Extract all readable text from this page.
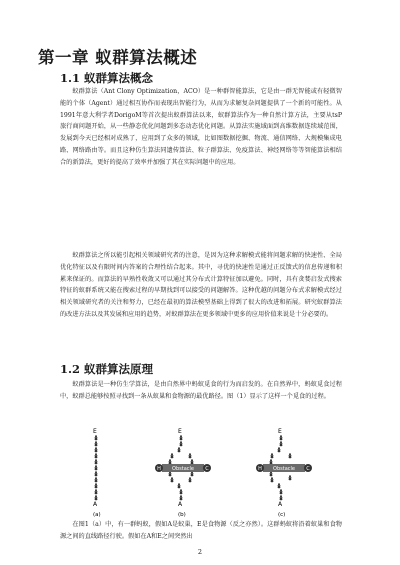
第一章 蚁群算法概述
1.1 蚁群算法概念

蚁群算法（Ant Clony Optimization，ACO）是一种群智能算法，它是由一群无智能或有轻微智能的个体（Agent）通过相互协作而表现出智能行为，从而为求解复杂问题提供了一个新的可能性。从1991年意大利学者DorigoM等首次提出蚁群算法以来，蚁群算法作为一种自然计算方法，主要从tsP旅行商问题开始，从一些静态优化问题到多态动态优化问题。从算法实施域面到高维数据连续域范围，发展到今天已经相对成熟了，应用到了众多的领域，比如图数据挖掘、物流、通信网络、大规模集成电路、网络路由等。而且这种仿生算法同遗传算法、粒子群算法、免疫算法、神经网络等等智能算法相结合的新算法，更好的提高了效率并加强了其在实际问题中的应用。

蚁群算法之所以能引起相关领域研究者的注意，是因为这种求解模式能将问题求解的快速性、全局优化特征以及有限时间内答案的合理性结合起来。其中，寻优的快速性是通过正反馈式的信息传递和积累来保证的。而算法的早熟性收敛又可以通过其分布式计算特征加以避免。同时，具有贪婪启发式搜索特征的蚁群系统又能在搜索过程的早期找到可以接受的问题解答。这种优越的问题分布式求解模式经过相关领域研究者的关注和努力，已经在最初的算法模型基础上得到了很大的改进和拓展。研究蚁群算法的改进方法以及其发展和应用的趋势，对蚁群算法在更多领域中更多的应用价值来说是十分必要的。

1.2 蚁群算法原理

蚁群算法是一种仿生学算法，是由自然界中蚂蚁觅食的行为而启发的。在自然界中，蚂蚁觅食过程中，蚁群总能够按照寻找到一条从蚁巢和食物源的最优路径。图（1）显示了这样一个觅食的过程。

E
A
(a)
E
A
Obstacle
H	C
(b)
E
A
Obstacle
H	C
(c)

在图1（a）中，有一群蚂蚁，假如A是蚁巢，E是食物源（反之亦然）。这群蚂蚁将沿着蚁巢和食物源之间的直线路径行驶。假如在A和E之间突然出

2
